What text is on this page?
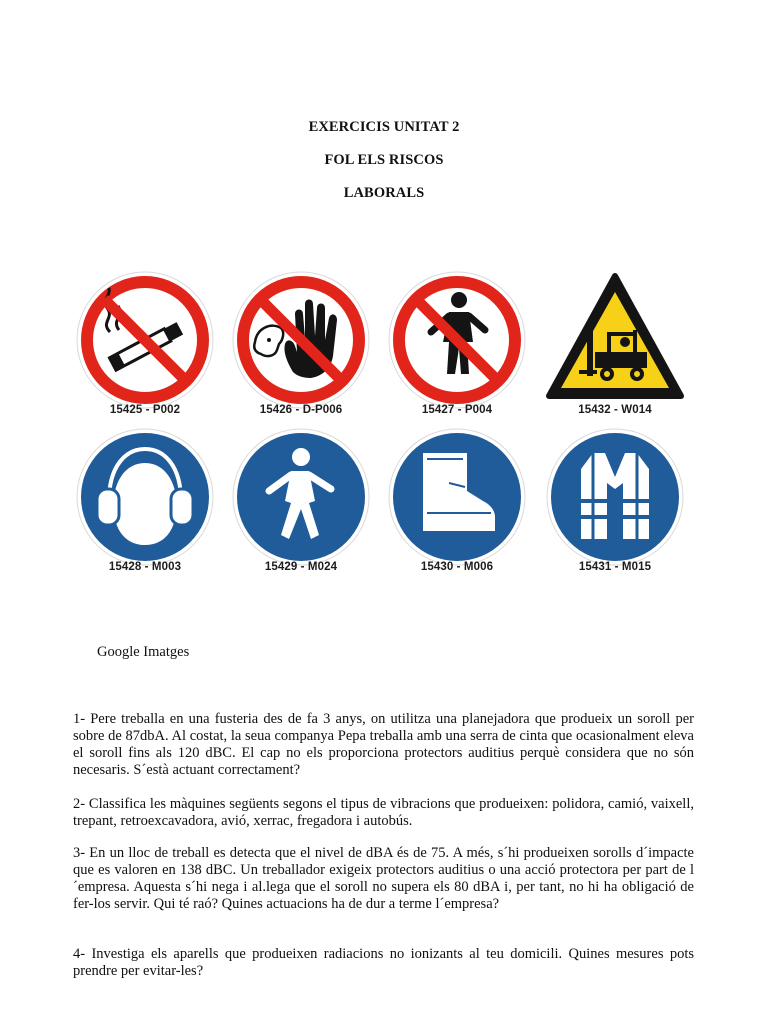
EXERCICIS UNITAT 2
FOL ELS RISCOS
LABORALS
15425 - P002	15426 - D-P006	15427 - P004	15432 - W014
15428 - M003	15429 - M024	15430 - M006	15431 - M015
Google Imatges

1- Pere treballa en una fusteria des de fa 3 anys, on utilitza una planejadora que produeix un soroll per sobre de 87dbA. Al costat, la seua companya Pepa treballa amb una serra de cinta que ocasionalment eleva el soroll fins als 120 dBC. El cap no els proporciona protectors auditius perquè considera que no són necesaris. S´està actuant correctament?

2- Classifica les màquines següents segons el tipus de vibracions que produeixen: polidora, camió, vaixell, trepant, retroexcavadora, avió, xerrac, fregadora i autobús.

3- En un lloc de treball es detecta que el nivel de dBA és de 75. A més, s´hi produeixen sorolls d´impacte que es valoren en 138 dBC. Un treballador exigeix protectors auditius o una acció protectora per part de l´empresa. Aquesta s´hi nega i al.lega que el soroll no supera els 80 dBA i, per tant, no hi ha obligació de fer-los servir. Qui té raó? Quines actuacions ha de dur a terme l´empresa?

4- Investiga els aparells que produeixen radiacions no ionizants al teu domicili. Quines mesures pots prendre per evitar-les?
